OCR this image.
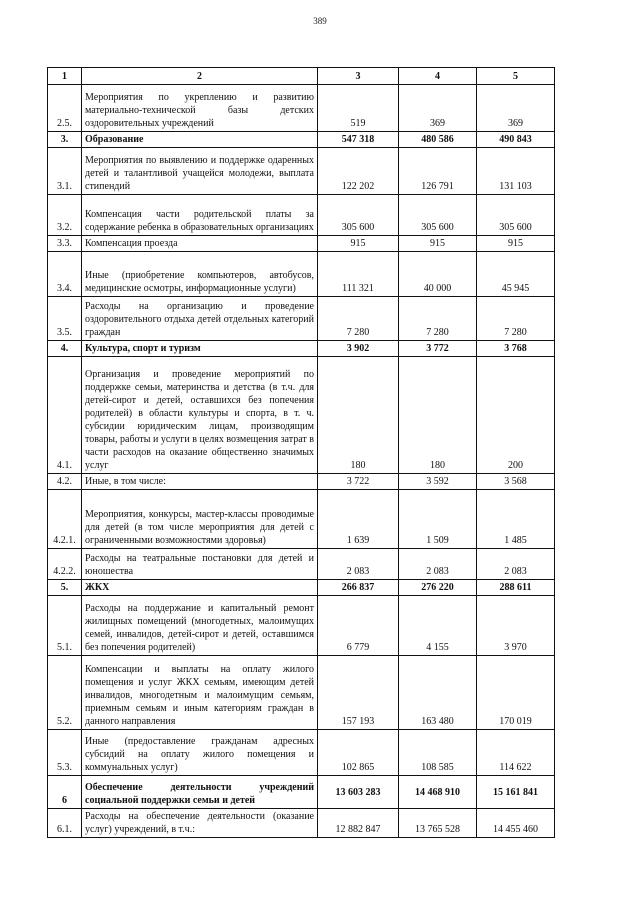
389
1	2	3	4	5
2.5.	Мероприятия по укреплению и развитию материально-технической базы детских оздоровительных учреждений	519	369	369
3.	Образование	547 318	480 586	490 843
3.1.	Мероприятия по выявлению и поддержке одаренных детей и талантливой учащейся молодежи, выплата стипендий	122 202	126 791	131 103
3.2.	Компенсация части родительской платы за содержание ребенка в образовательных организациях	305 600	305 600	305 600
3.3.	Компенсация проезда	915	915	915
3.4.	Иные (приобретение компьютеров, автобусов, медицинские осмотры, информационные услуги)	111 321	40 000	45 945
3.5.	Расходы на организацию и проведение оздоровительного отдыха детей отдельных категорий граждан	7 280	7 280	7 280
4.	Культура, спорт и туризм	3 902	3 772	3 768
4.1.	Организация и проведение мероприятий по поддержке семьи, материнства и детства (в т.ч. для детей-сирот и детей, оставшихся без попечения родителей) в области культуры и спорта, в т. ч. субсидии юридическим лицам, производящим товары, работы и услуги в целях возмещения затрат в части расходов на оказание общественно значимых услуг	180	180	200
4.2.	Иные, в том числе:	3 722	3 592	3 568
4.2.1.	Мероприятия, конкурсы, мастер-классы проводимые для детей (в том числе мероприятия для детей с ограниченными возможностями здоровья)	1 639	1 509	1 485
4.2.2.	Расходы на театральные постановки для детей и юношества	2 083	2 083	2 083
5.	ЖКХ	266 837	276 220	288 611
5.1.	Расходы на поддержание и капитальный ремонт жилищных помещений (многодетных, малоимущих семей, инвалидов, детей-сирот и детей, оставшимся без попечения родителей)	6 779	4 155	3 970
5.2.	Компенсации и выплаты на оплату жилого помещения и услуг ЖКХ семьям, имеющим детей инвалидов, многодетным и малоимущим семьям, приемным семьям и иным категориям граждан в данного направления	157 193	163 480	170 019
5.3.	Иные (предоставление гражданам адресных субсидий на оплату жилого помещения и коммунальных услуг)	102 865	108 585	114 622
6	Обеспечение деятельности учреждений социальной поддержки семьи и детей	13 603 283	14 468 910	15 161 841
6.1.	Расходы на обеспечение деятельности (оказание услуг) учреждений, в т.ч.:	12 882 847	13 765 528	14 455 460
